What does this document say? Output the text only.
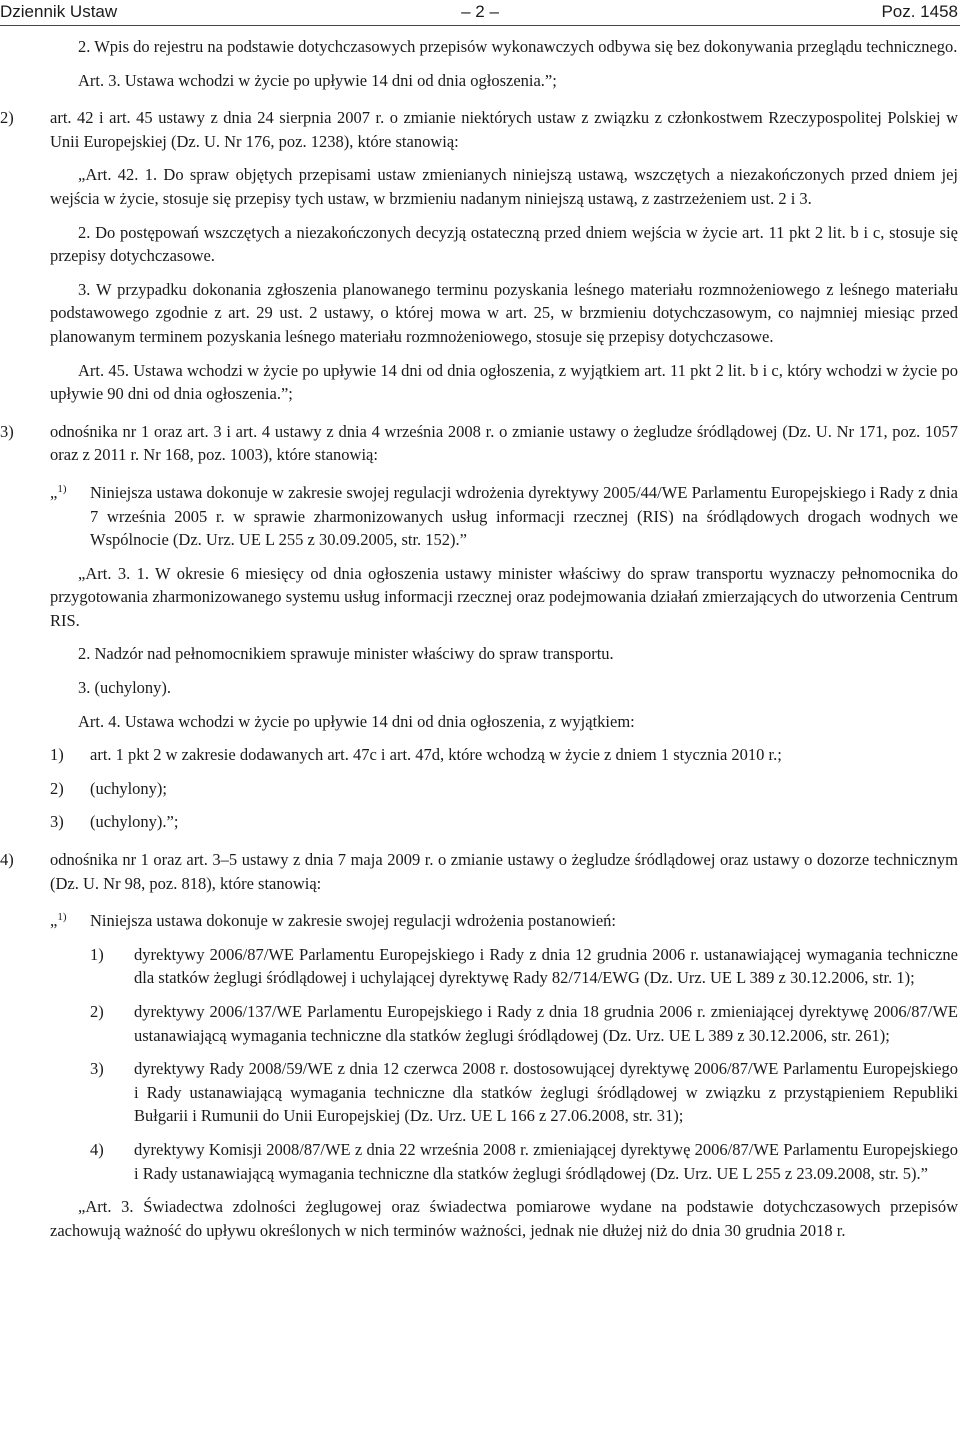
Dziennik Ustaw	– 2 –	Poz. 1458

2. Wpis do rejestru na podstawie dotychczasowych przepisów wykonawczych odbywa się bez dokonywania przeglądu technicznego.

Art. 3. Ustawa wchodzi w życie po upływie 14 dni od dnia ogłoszenia.”;

2) art. 42 i art. 45 ustawy z dnia 24 sierpnia 2007 r. o zmianie niektórych ustaw z związku z członkostwem Rzeczypospolitej Polskiej w Unii Europejskiej (Dz. U. Nr 176, poz. 1238), które stanowią:

„Art. 42. 1. Do spraw objętych przepisami ustaw zmienianych niniejszą ustawą, wszczętych a niezakończonych przed dniem jej wejścia w życie, stosuje się przepisy tych ustaw, w brzmieniu nadanym niniejszą ustawą, z zastrzeżeniem ust. 2 i 3.

2. Do postępowań wszczętych a niezakończonych decyzją ostateczną przed dniem wejścia w życie art. 11 pkt 2 lit. b i c, stosuje się przepisy dotychczasowe.

3. W przypadku dokonania zgłoszenia planowanego terminu pozyskania leśnego materiału rozmnożeniowego z leśnego materiału podstawowego zgodnie z art. 29 ust. 2 ustawy, o której mowa w art. 25, w brzmieniu dotychczasowym, co najmniej miesiąc przed planowanym terminem pozyskania leśnego materiału rozmnożeniowego, stosuje się przepisy dotychczasowe.

Art. 45. Ustawa wchodzi w życie po upływie 14 dni od dnia ogłoszenia, z wyjątkiem art. 11 pkt 2 lit. b i c, który wchodzi w życie po upływie 90 dni od dnia ogłoszenia.”;

3) odnośnika nr 1 oraz art. 3 i art. 4 ustawy z dnia 4 września 2008 r. o zmianie ustawy o żegludze śródlądowej (Dz. U. Nr 171, poz. 1057 oraz z 2011 r. Nr 168, poz. 1003), które stanowią:

„$^{1)}$ Niniejsza ustawa dokonuje w zakresie swojej regulacji wdrożenia dyrektywy 2005/44/WE Parlamentu Europejskiego i Rady z dnia 7 września 2005 r. w sprawie zharmonizowanych usług informacji rzecznej (RIS) na śródlądowych drogach wodnych we Wspólnocie (Dz. Urz. UE L 255 z 30.09.2005, str. 152).”

„Art. 3. 1. W okresie 6 miesięcy od dnia ogłoszenia ustawy minister właściwy do spraw transportu wyznaczy pełnomocnika do przygotowania zharmonizowanego systemu usług informacji rzecznej oraz podejmowania działań zmierzających do utworzenia Centrum RIS.

2. Nadzór nad pełnomocnikiem sprawuje minister właściwy do spraw transportu.

3. (uchylony).

Art. 4. Ustawa wchodzi w życie po upływie 14 dni od dnia ogłoszenia, z wyjątkiem:

1) art. 1 pkt 2 w zakresie dodawanych art. 47c i art. 47d, które wchodzą w życie z dniem 1 stycznia 2010 r.;

2) (uchylony);

3) (uchylony).”;

4) odnośnika nr 1 oraz art. 3–5 ustawy z dnia 7 maja 2009 r. o zmianie ustawy o żegludze śródlądowej oraz ustawy o dozorze technicznym (Dz. U. Nr 98, poz. 818), które stanowią:

„$^{1)}$ Niniejsza ustawa dokonuje w zakresie swojej regulacji wdrożenia postanowień:

1) dyrektywy 2006/87/WE Parlamentu Europejskiego i Rady z dnia 12 grudnia 2006 r. ustanawiającej wymagania techniczne dla statków żeglugi śródlądowej i uchylającej dyrektywę Rady 82/714/EWG (Dz. Urz. UE L 389 z 30.12.2006, str. 1);

2) dyrektywy 2006/137/WE Parlamentu Europejskiego i Rady z dnia 18 grudnia 2006 r. zmieniającej dyrektywę 2006/87/WE ustanawiającą wymagania techniczne dla statków żeglugi śródlądowej (Dz. Urz. UE L 389 z 30.12.2006, str. 261);

3) dyrektywy Rady 2008/59/WE z dnia 12 czerwca 2008 r. dostosowującej dyrektywę 2006/87/WE Parlamentu Europejskiego i Rady ustanawiającą wymagania techniczne dla statków żeglugi śródlądowej w związku z przystąpieniem Republiki Bułgarii i Rumunii do Unii Europejskiej (Dz. Urz. UE L 166 z 27.06.2008, str. 31);

4) dyrektywy Komisji 2008/87/WE z dnia 22 września 2008 r. zmieniającej dyrektywę 2006/87/WE Parlamentu Europejskiego i Rady ustanawiającą wymagania techniczne dla statków żeglugi śródlądowej (Dz. Urz. UE L 255 z 23.09.2008, str. 5).”

„Art. 3. Świadectwa zdolności żeglugowej oraz świadectwa pomiarowe wydane na podstawie dotychczasowych przepisów zachowują ważność do upływu określonych w nich terminów ważności, jednak nie dłużej niż do dnia 30 grudnia 2018 r.
